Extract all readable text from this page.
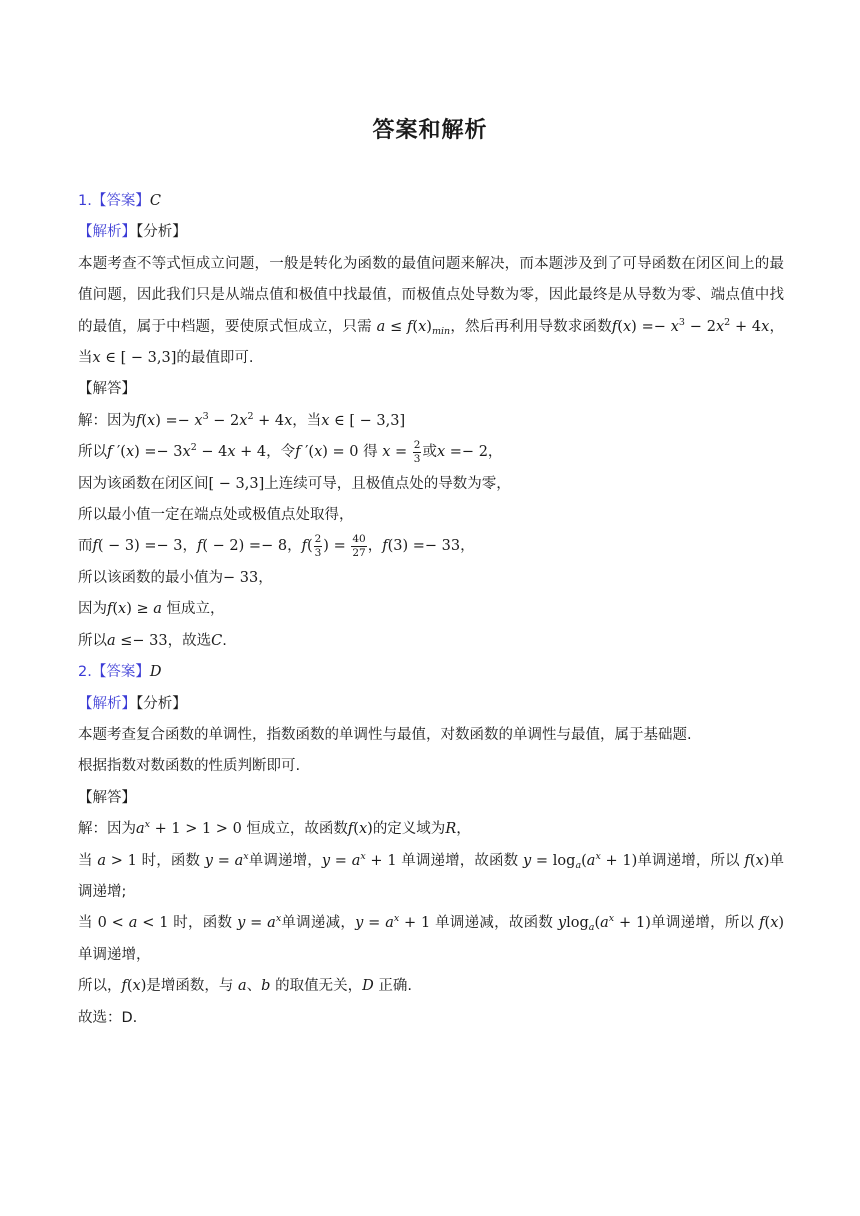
答案和解析

1.【答案】C

【解析】【分析】

本题考查不等式恒成立问题，一般是转化为函数的最值问题来解决，而本题涉及到了可导函数在闭区间上的最值问题，因此我们只是从端点值和极值中找最值，而极值点处导数为零，因此最终是从导数为零、端点值中找的最值，属于中档题，要使原式恒成立，只需 $a \le f(x)_{min}$，然后再利用导数求函数$f(x) =- x^3 - 2x^2 + 4x$，当x ∈ [ − 3,3]的最值即可.

【解答】

解：因为$f(x) =- x^3 - 2x^2 + 4x$，当x ∈ [ − 3,3]

所以f $'(x) =- 3x^2 - 4x + 4$，令f ′(x) = 0 得 $x = \frac{2}{3}$ 或x =− 2，

因为该函数在闭区间[ − 3,3]上连续可导，且极值点处的导数为零，

所以最小值一定在端点处或极值点处取得，

而f( − 3) =− 3，f( − 2) =− 8，$f( \frac{2}{3}$ ) = $\frac{40}{27}$ ，f(3) =− 33，

所以该函数的最小值为− 33，

因为f(x) ≥ a 恒成立，

所以a ≤− 33，故选C.

2.【答案】D

【解析】【分析】

本题考查复合函数的单调性，指数函数的单调性与最值，对数函数的单调性与最值，属于基础题.

根据指数对数函数的性质判断即可.

【解答】

解：因为$a^x + 1 > 1 > 0$ 恒成立，故函数f(x)的定义域为R，

当 a > 1 时，函数 $y = a^x$单调递增，$y = a^x + 1$ 单调递增，故函数 $y = \log_a(a^x + 1)$单调递增，所以 f(x)单调递增;

当 0 < a < 1 时，函数 $y = a^x$单调递减，$y = a^x + 1$ 单调递减，故函数 $ylog_a(a^x + 1)$单调递增，所以 f(x)单调递增，

所以，f(x)是增函数，与 a、b 的取值无关，D 正确.

故选：D.
